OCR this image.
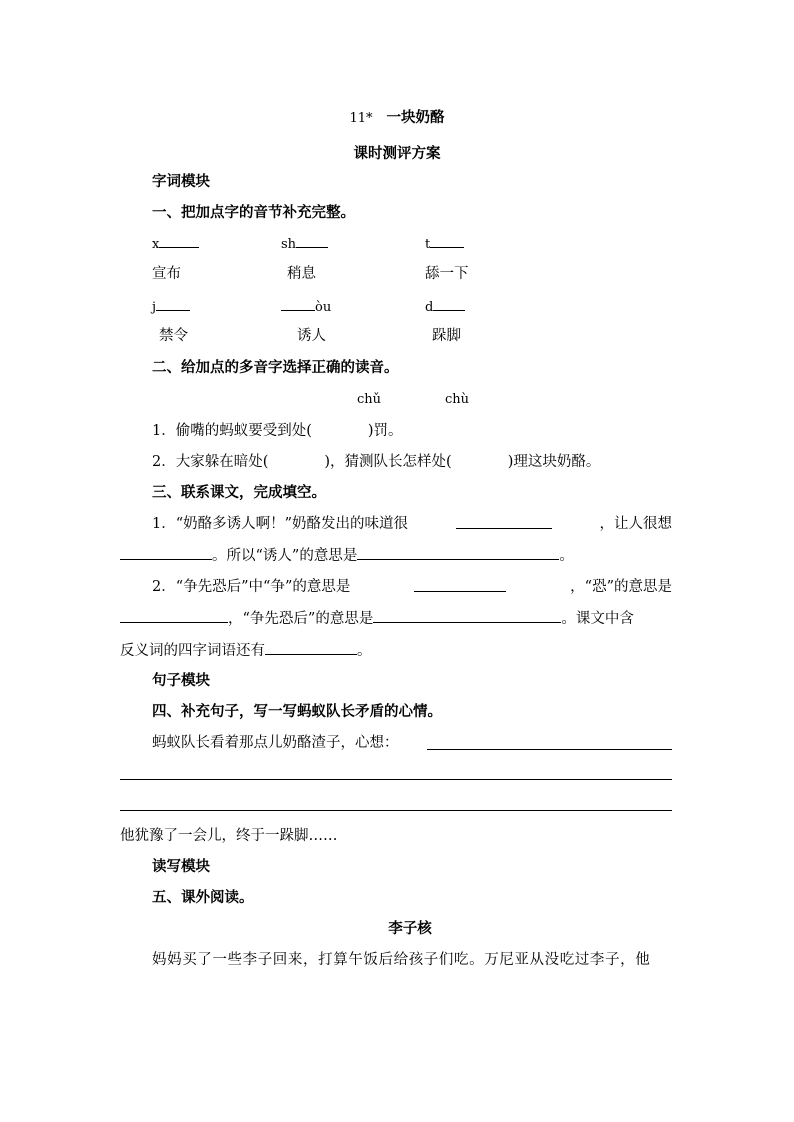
11* 一块奶酪
课时测评方案
字词模块
一、把加点字的音节补充完整。
x	sh	t
宣布	稍息	舔一下
j	òu	d
禁令	诱人	跺脚
二、给加点的多音字选择正确的读音。
chǔ	chù
1．偷嘴的蚂蚁要受到处(	)罚。
2．大家躲在暗处(	)，猜测队长怎样处(	)理这块奶酪。
三、联系课文，完成填空。
1．“奶酪多诱人啊！”奶酪发出的味道很	，让人很想
。所以“诱人”的意思是	。
2．“争先恐后”中“争”的意思是	，“恐”的意思是
，“争先恐后”的意思是	。课文中含
反义词的四字词语还有	。
句子模块
四、补充句子，写一写蚂蚁队长矛盾的心情。
蚂蚁队长看着那点儿奶酪渣子，心想：
他犹豫了一会儿，终于一跺脚……
读写模块
五、课外阅读。
李子核
妈妈买了一些李子回来，打算午饭后给孩子们吃。万尼亚从没吃过李子，他
